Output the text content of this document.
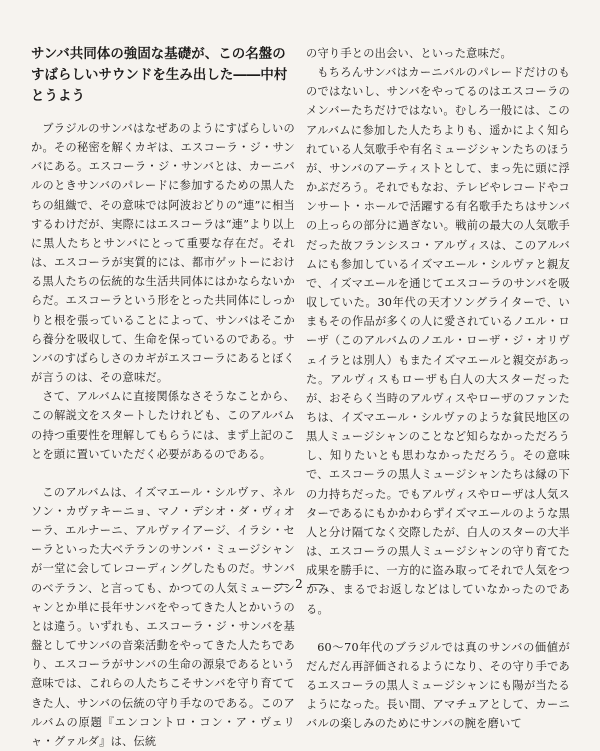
サンバ共同体の強固な基礎が、この名盤のすばらしいサウンドを生み出した――中村とうよう

ブラジルのサンバはなぜあのようにすばらしいのか。その秘密を解くカギは、エスコーラ・ジ・サンバにある。エスコーラ・ジ・サンバとは、カーニバルのときサンバのパレードに参加するための黒人たちの組織で、その意味では阿波おどりの“連”に相当するわけだが、実際にはエスコーラは“連”より以上に黒人たちとサンバにとって重要な存在だ。それは、エスコーラが実質的には、都市ゲットーにおける黒人たちの伝統的な生活共同体にはかならないからだ。エスコーラという形をとった共同体にしっかりと根を張っていることによって、サンバはそこから養分を吸収して、生命を保っているのである。サンバのすばらしさのカギがエスコーラにあるとぼくが言うのは、その意味だ。

さて、アルバムに直接関係なさそうなことから、この解説文をスタートしたけれども、このアルバムの持つ重要性を理解してもらうには、まず上記のことを頭に置いていただく必要があるのである。

このアルバムは、イズマエール・シルヴァ、ネルソン・カヴァキーニョ、マノ・デシオ・ダ・ヴィオーラ、エルナーニ、アルヴァイアージ、イラシ・セーラといった大ベテランのサンバ・ミュージシャンが一堂に会してレコーディングしたものだ。サンバのベテラン、と言っても、かつての人気ミュージシャンとか単に長年サンバをやってきた人とかいうのとは違う。いずれも、エスコーラ・ジ・サンバを基盤としてサンバの音楽活動をやってきた人たちであり、エスコーラがサンバの生命の源泉であるという意味では、これらの人たちこそサンバを守り育ててきた人、サンバの伝統の守り手なのである。このアルバムの原題『エンコントロ・コン・ア・ヴェリャ・グァルダ』は、伝統

の守り手との出会い、といった意味だ。

もちろんサンバはカーニバルのパレードだけのものではないし、サンバをやってるのはエスコーラのメンバーたちだけではない。むしろ一般には、このアルバムに参加した人たちよりも、遥かによく知られている人気歌手や有名ミュージシャンたちのほうが、サンバのアーティストとして、まっ先に頭に浮かぶだろう。それでもなお、テレビやレコードやコンサート・ホールで活躍する有名歌手たちはサンバの上っらの部分に過ぎない。戦前の最大の人気歌手だった故フランシスコ・アルヴィスは、このアルバムにも参加しているイズマエール・シルヴァと親友で、イズマエールを通じてエスコーラのサンバを吸収していた。30年代の天才ソングライターで、いまもその作品が多くの人に愛されているノエル・ローザ（このアルバムのノエル・ローザ・ジ・オリヴェイラとは別人）もまたイズマエールと親交があった。アルヴィスもローザも白人の大スターだったが、おそらく当時のアルヴィスやローザのファンたちは、イズマエール・シルヴァのような貧民地区の黒人ミュージシャンのことなど知らなかっただろうし、知りたいとも思わなかっただろう。その意味で、エスコーラの黒人ミュージシャンたちは縁の下の力持ちだった。でもアルヴィスやローザは人気スターであるにもかかわらずイズマエールのような黒人と分け隔てなく交際したが、白人のスターの大半は、エスコーラの黒人ミュージシャンの守り育てた成果を勝手に、一方的に盗み取ってそれで人気をつかみ、まるでお返しなどはしていなかったのである。

60～70年代のブラジルでは真のサンバの価値がだんだん再評価されるようになり、その守り手であるエスコーラの黒人ミュージシャンにも陽が当たるようになった。長い間、アマチュアとして、カーニバルの楽しみのためにサンバの腕を磨いて

― 2 ―
